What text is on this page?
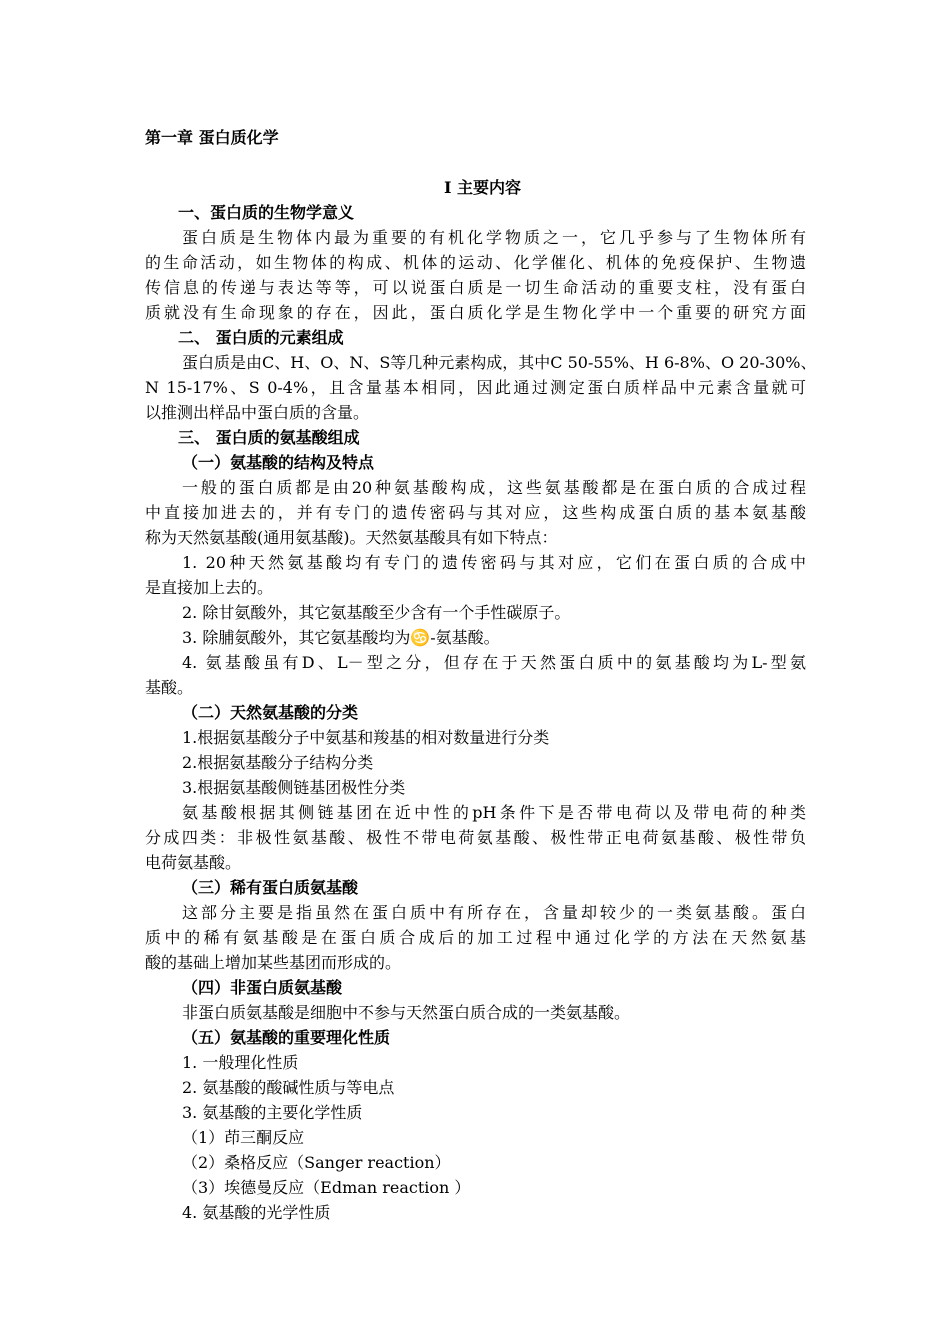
第一章 蛋白质化学
I 主要内容
一、蛋白质的生物学意义
蛋白质是生物体内最为重要的有机化学物质之一，它几乎参与了生物体所有
的生命活动，如生物体的构成、机体的运动、化学催化、机体的免疫保护、生物遗
传信息的传递与表达等等，可以说蛋白质是一切生命活动的重要支柱，没有蛋白
质就没有生命现象的存在，因此，蛋白质化学是生物化学中一个重要的研究方面
二、 蛋白质的元素组成
蛋白质是由C、H、O、N、S等几种元素构成，其中C 50-55%、H 6-8%、O 20-30%、
N 15-17%、S 0-4%，且含量基本相同，因此通过测定蛋白质样品中元素含量就可
以推测出样品中蛋白质的含量。
三、 蛋白质的氨基酸组成
（一）氨基酸的结构及特点
一般的蛋白质都是由20种氨基酸构成，这些氨基酸都是在蛋白质的合成过程
中直接加进去的，并有专门的遗传密码与其对应，这些构成蛋白质的基本氨基酸
称为天然氨基酸(通用氨基酸)。天然氨基酸具有如下特点：
1. 20种天然氨基酸均有专门的遗传密码与其对应，它们在蛋白质的合成中
是直接加上去的。
2. 除甘氨酸外，其它氨基酸至少含有一个手性碳原子。
3. 除脯氨酸外，其它氨基酸均为♋-氨基酸。
4. 氨基酸虽有D、L－型之分，但存在于天然蛋白质中的氨基酸均为L-型氨
基酸。
（二）天然氨基酸的分类
1.根据氨基酸分子中氨基和羧基的相对数量进行分类
2.根据氨基酸分子结构分类
3.根据氨基酸侧链基团极性分类
氨基酸根据其侧链基团在近中性的pH条件下是否带电荷以及带电荷的种类
分成四类：非极性氨基酸、极性不带电荷氨基酸、极性带正电荷氨基酸、极性带负
电荷氨基酸。
（三）稀有蛋白质氨基酸
这部分主要是指虽然在蛋白质中有所存在，含量却较少的一类氨基酸。蛋白
质中的稀有氨基酸是在蛋白质合成后的加工过程中通过化学的方法在天然氨基
酸的基础上增加某些基团而形成的。
（四）非蛋白质氨基酸
非蛋白质氨基酸是细胞中不参与天然蛋白质合成的一类氨基酸。
（五）氨基酸的重要理化性质
1. 一般理化性质
2. 氨基酸的酸碱性质与等电点
3. 氨基酸的主要化学性质
（1）茚三酮反应
（2）桑格反应（Sanger reaction）
（3）埃德曼反应（Edman reaction ）
4. 氨基酸的光学性质
